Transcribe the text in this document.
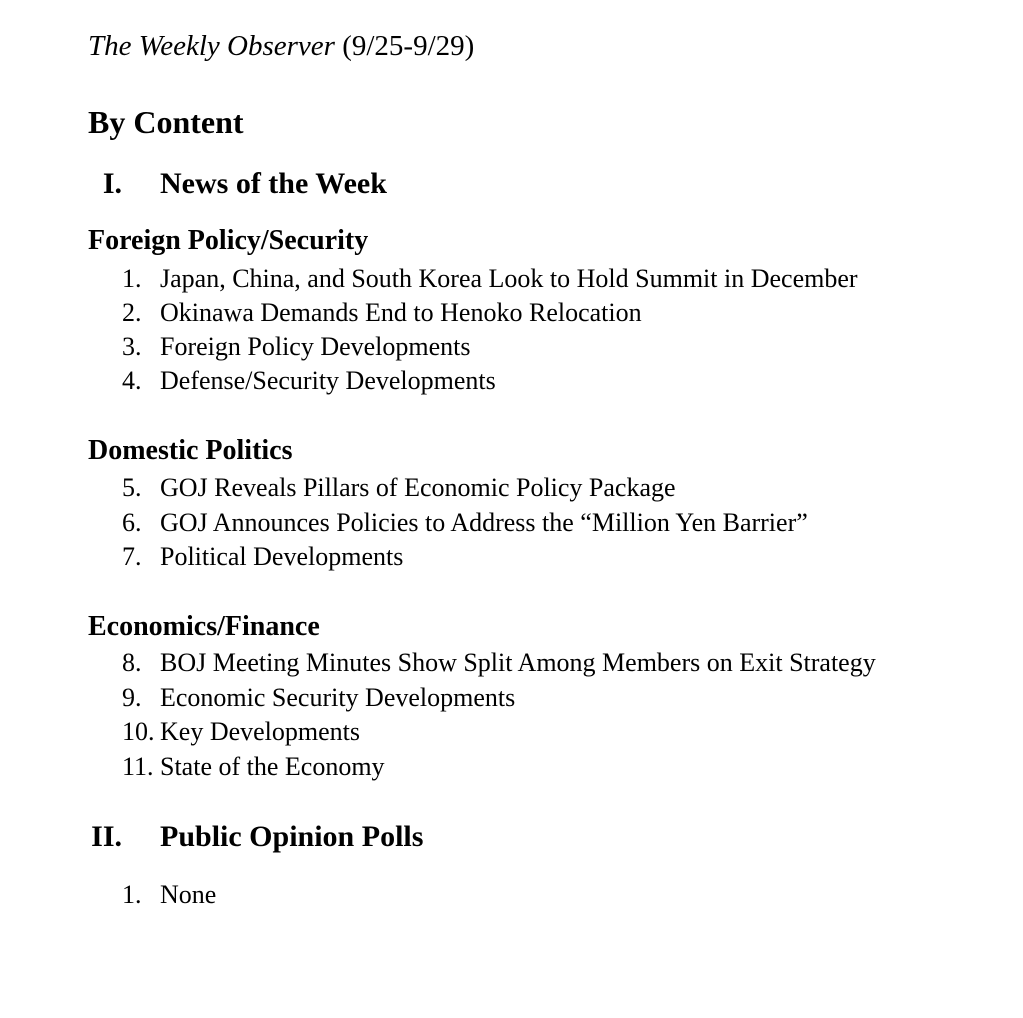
The Weekly Observer (9/25-9/29)
By Content
I. News of the Week
Foreign Policy/Security
1. Japan, China, and South Korea Look to Hold Summit in December
2. Okinawa Demands End to Henoko Relocation
3. Foreign Policy Developments
4. Defense/Security Developments
Domestic Politics
5. GOJ Reveals Pillars of Economic Policy Package
6. GOJ Announces Policies to Address the “Million Yen Barrier”
7. Political Developments
Economics/Finance
8. BOJ Meeting Minutes Show Split Among Members on Exit Strategy
9. Economic Security Developments
10. Key Developments
11. State of the Economy
II. Public Opinion Polls
1. None
